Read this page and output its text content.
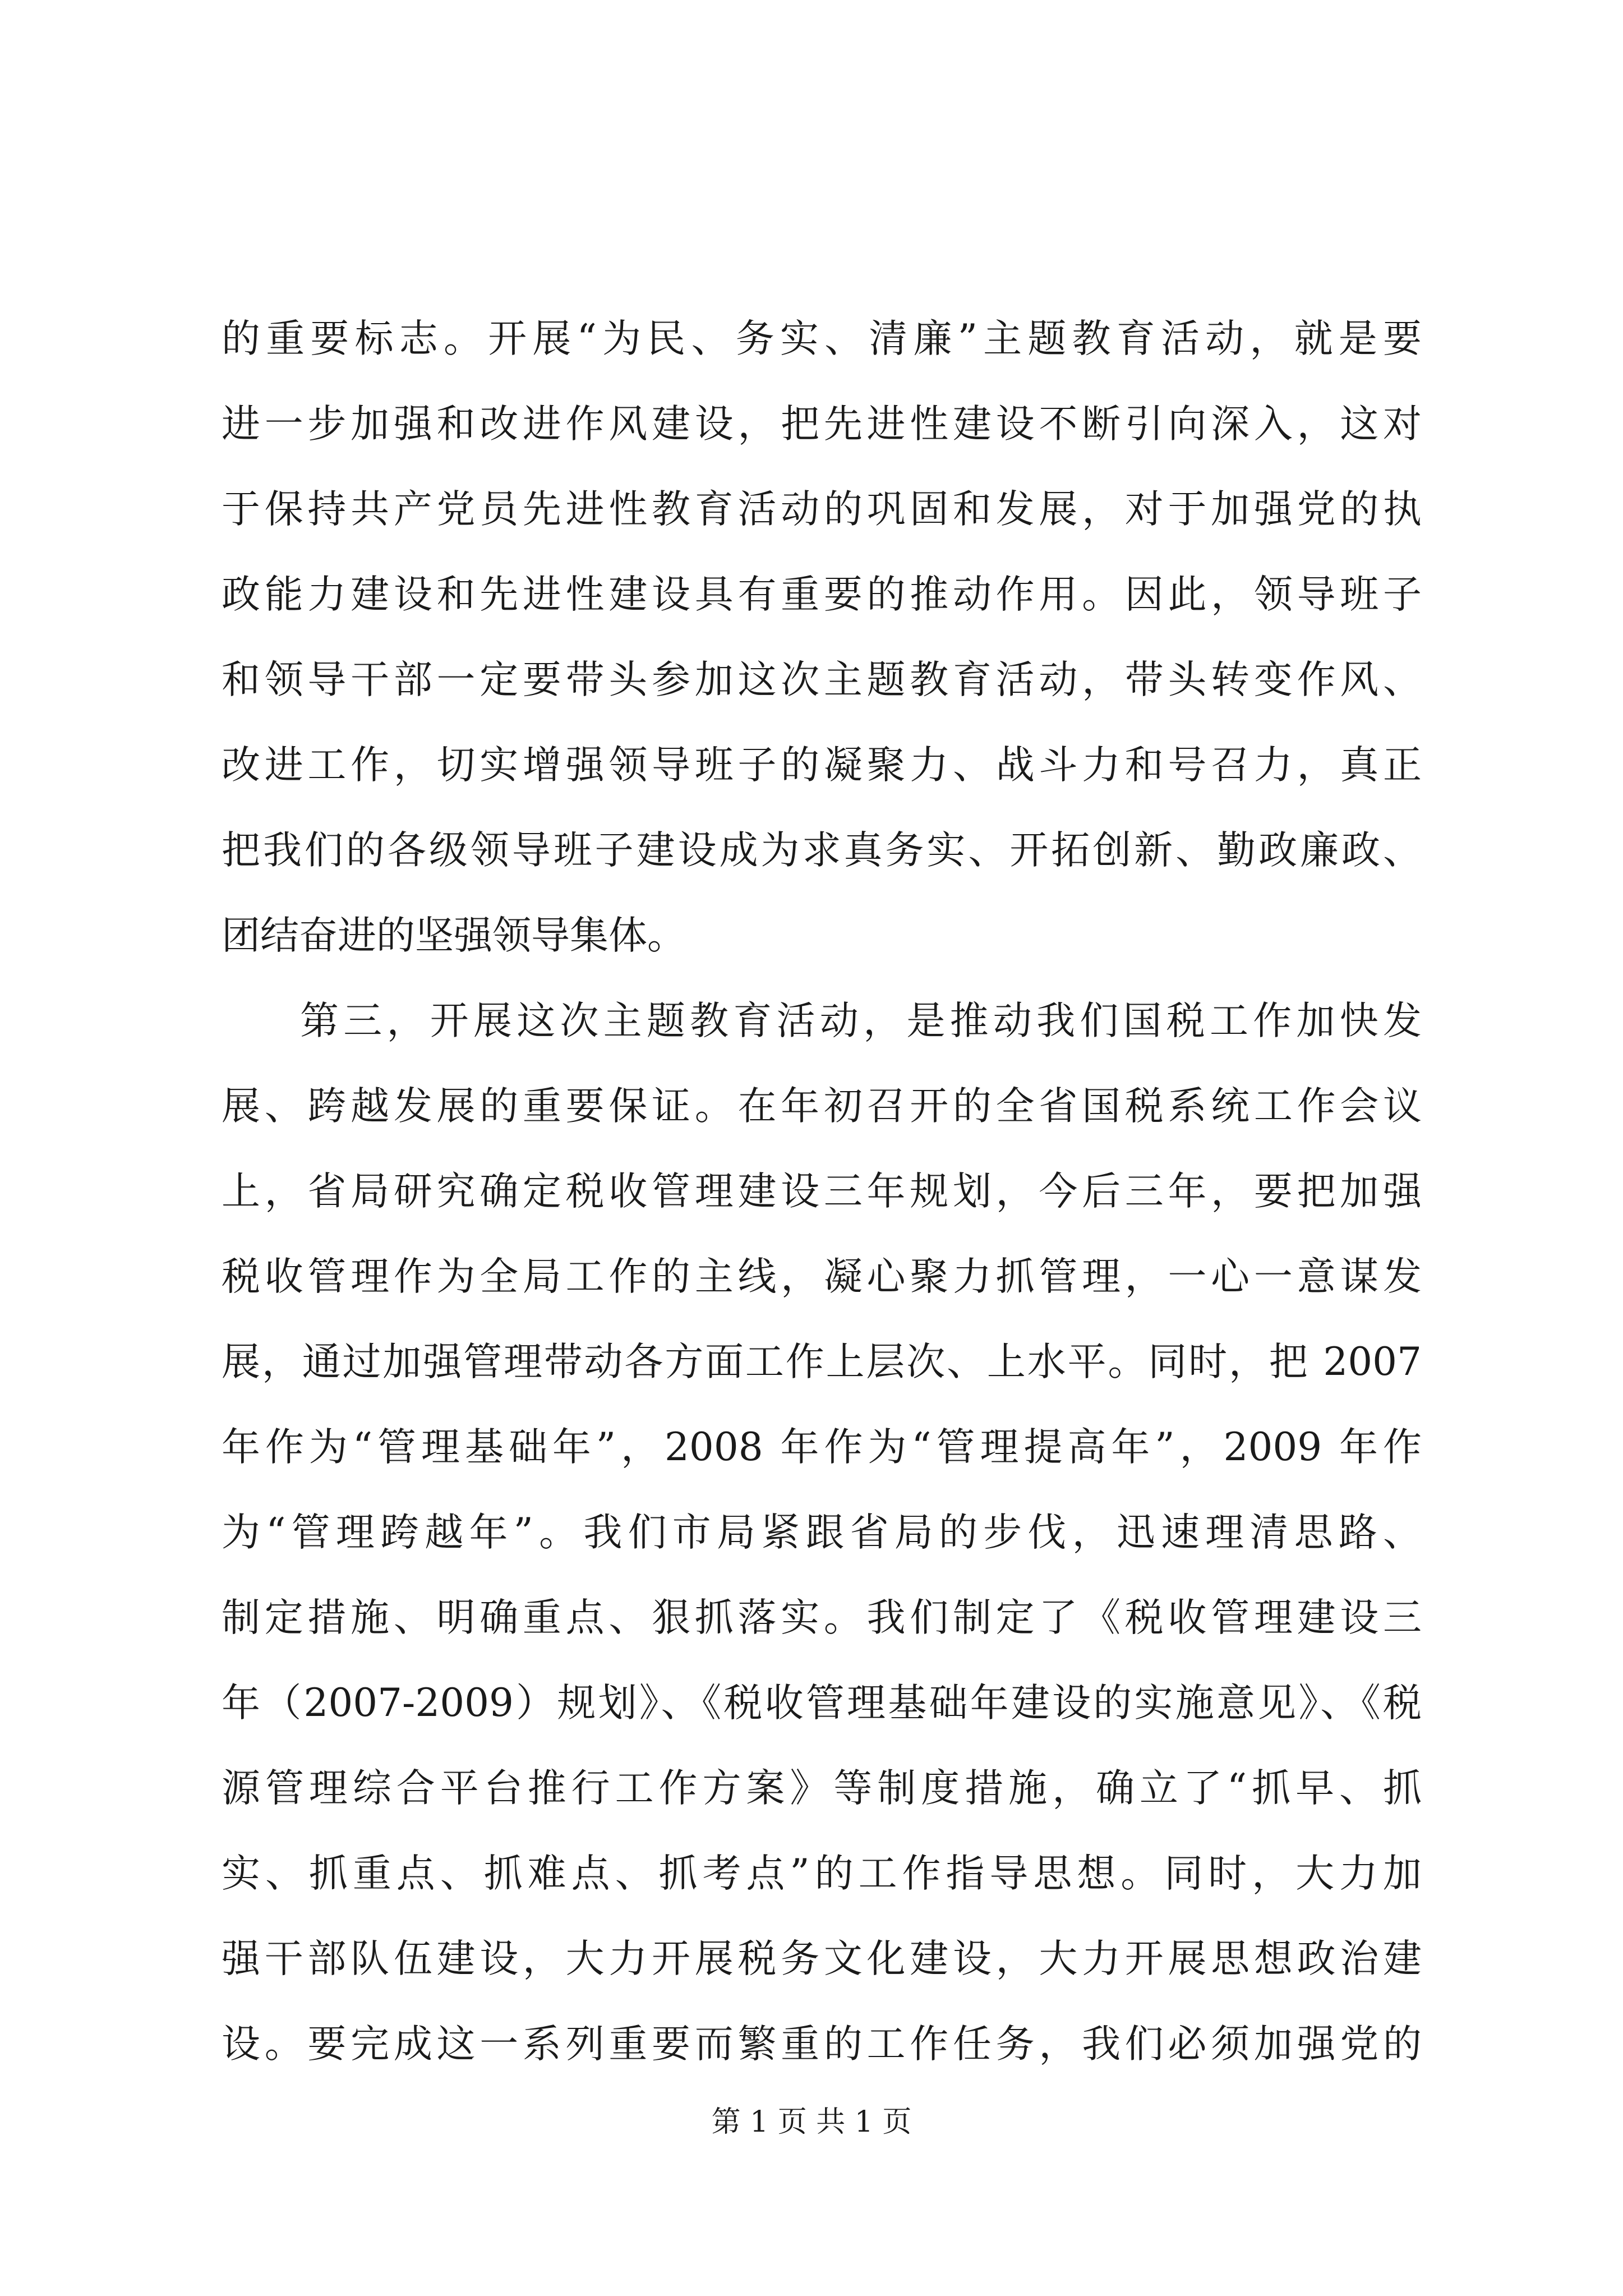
的重要标志。开展“为民、务实、清廉”主题教育活动，就是要
进一步加强和改进作风建设，把先进性建设不断引向深入，这对
于保持共产党员先进性教育活动的巩固和发展，对于加强党的执
政能力建设和先进性建设具有重要的推动作用。因此，领导班子
和领导干部一定要带头参加这次主题教育活动，带头转变作风、
改进工作，切实增强领导班子的凝聚力、战斗力和号召力，真正
把我们的各级领导班子建设成为求真务实、开拓创新、勤政廉政、
团结奋进的坚强领导集体。
第三，开展这次主题教育活动，是推动我们国税工作加快发
展、跨越发展的重要保证。在年初召开的全省国税系统工作会议
上，省局研究确定税收管理建设三年规划，今后三年，要把加强
税收管理作为全局工作的主线，凝心聚力抓管理，一心一意谋发
展，通过加强管理带动各方面工作上层次、上水平。同时，把 2007
年作为“管理基础年”，2008 年作为“管理提高年”，2009 年作
为“管理跨越年”。我们市局紧跟省局的步伐，迅速理清思路、
制定措施、明确重点、狠抓落实。我们制定了《税收管理建设三
年（2007-2009）规划》、《税收管理基础年建设的实施意见》、《税
源管理综合平台推行工作方案》等制度措施，确立了“抓早、抓
实、抓重点、抓难点、抓考点”的工作指导思想。同时，大力加
强干部队伍建设，大力开展税务文化建设，大力开展思想政治建
设。要完成这一系列重要而繁重的工作任务，我们必须加强党的
第 1 页 共 1 页
